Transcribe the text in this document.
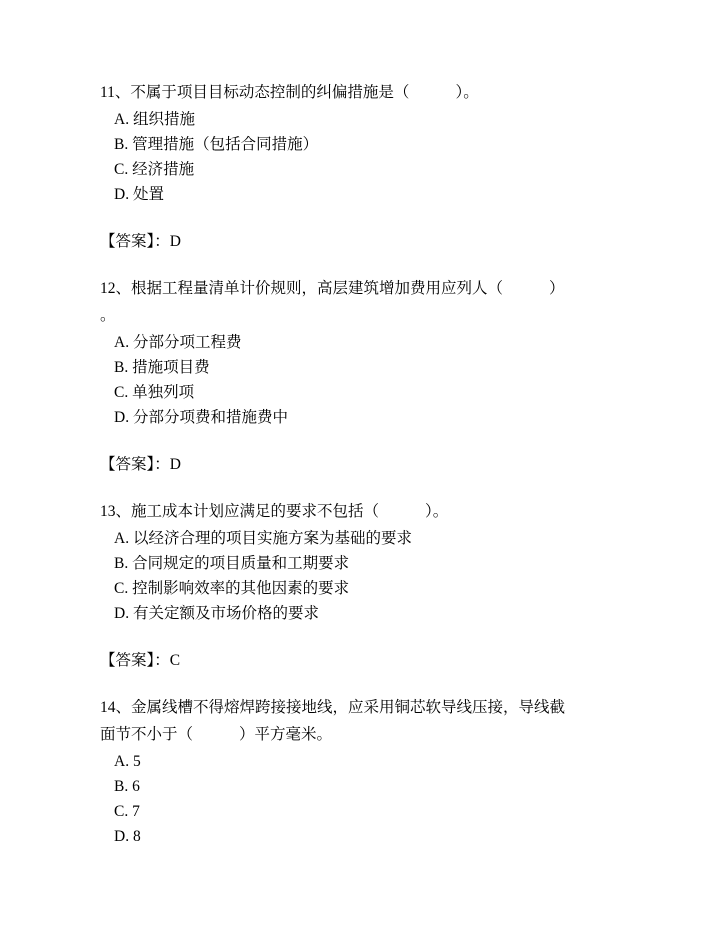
11、不属于项目目标动态控制的纠偏措施是（	）。

A. 组织措施

B. 管理措施（包括合同措施）

C. 经济措施

D. 处置

【答案】：D

12、根据工程量清单计价规则，高层建筑增加费用应列人（	）

。

A. 分部分项工程费

B. 措施项目费

C. 单独列项

D. 分部分项费和措施费中

【答案】：D

13、施工成本计划应满足的要求不包括（	）。

A. 以经济合理的项目实施方案为基础的要求

B. 合同规定的项目质量和工期要求

C. 控制影响效率的其他因素的要求

D. 有关定额及市场价格的要求

【答案】：C

14、金属线槽不得熔焊跨接接地线，应采用铜芯软导线压接，导线截

面节不小于（	）平方毫米。

A. 5

B. 6

C. 7

D. 8
